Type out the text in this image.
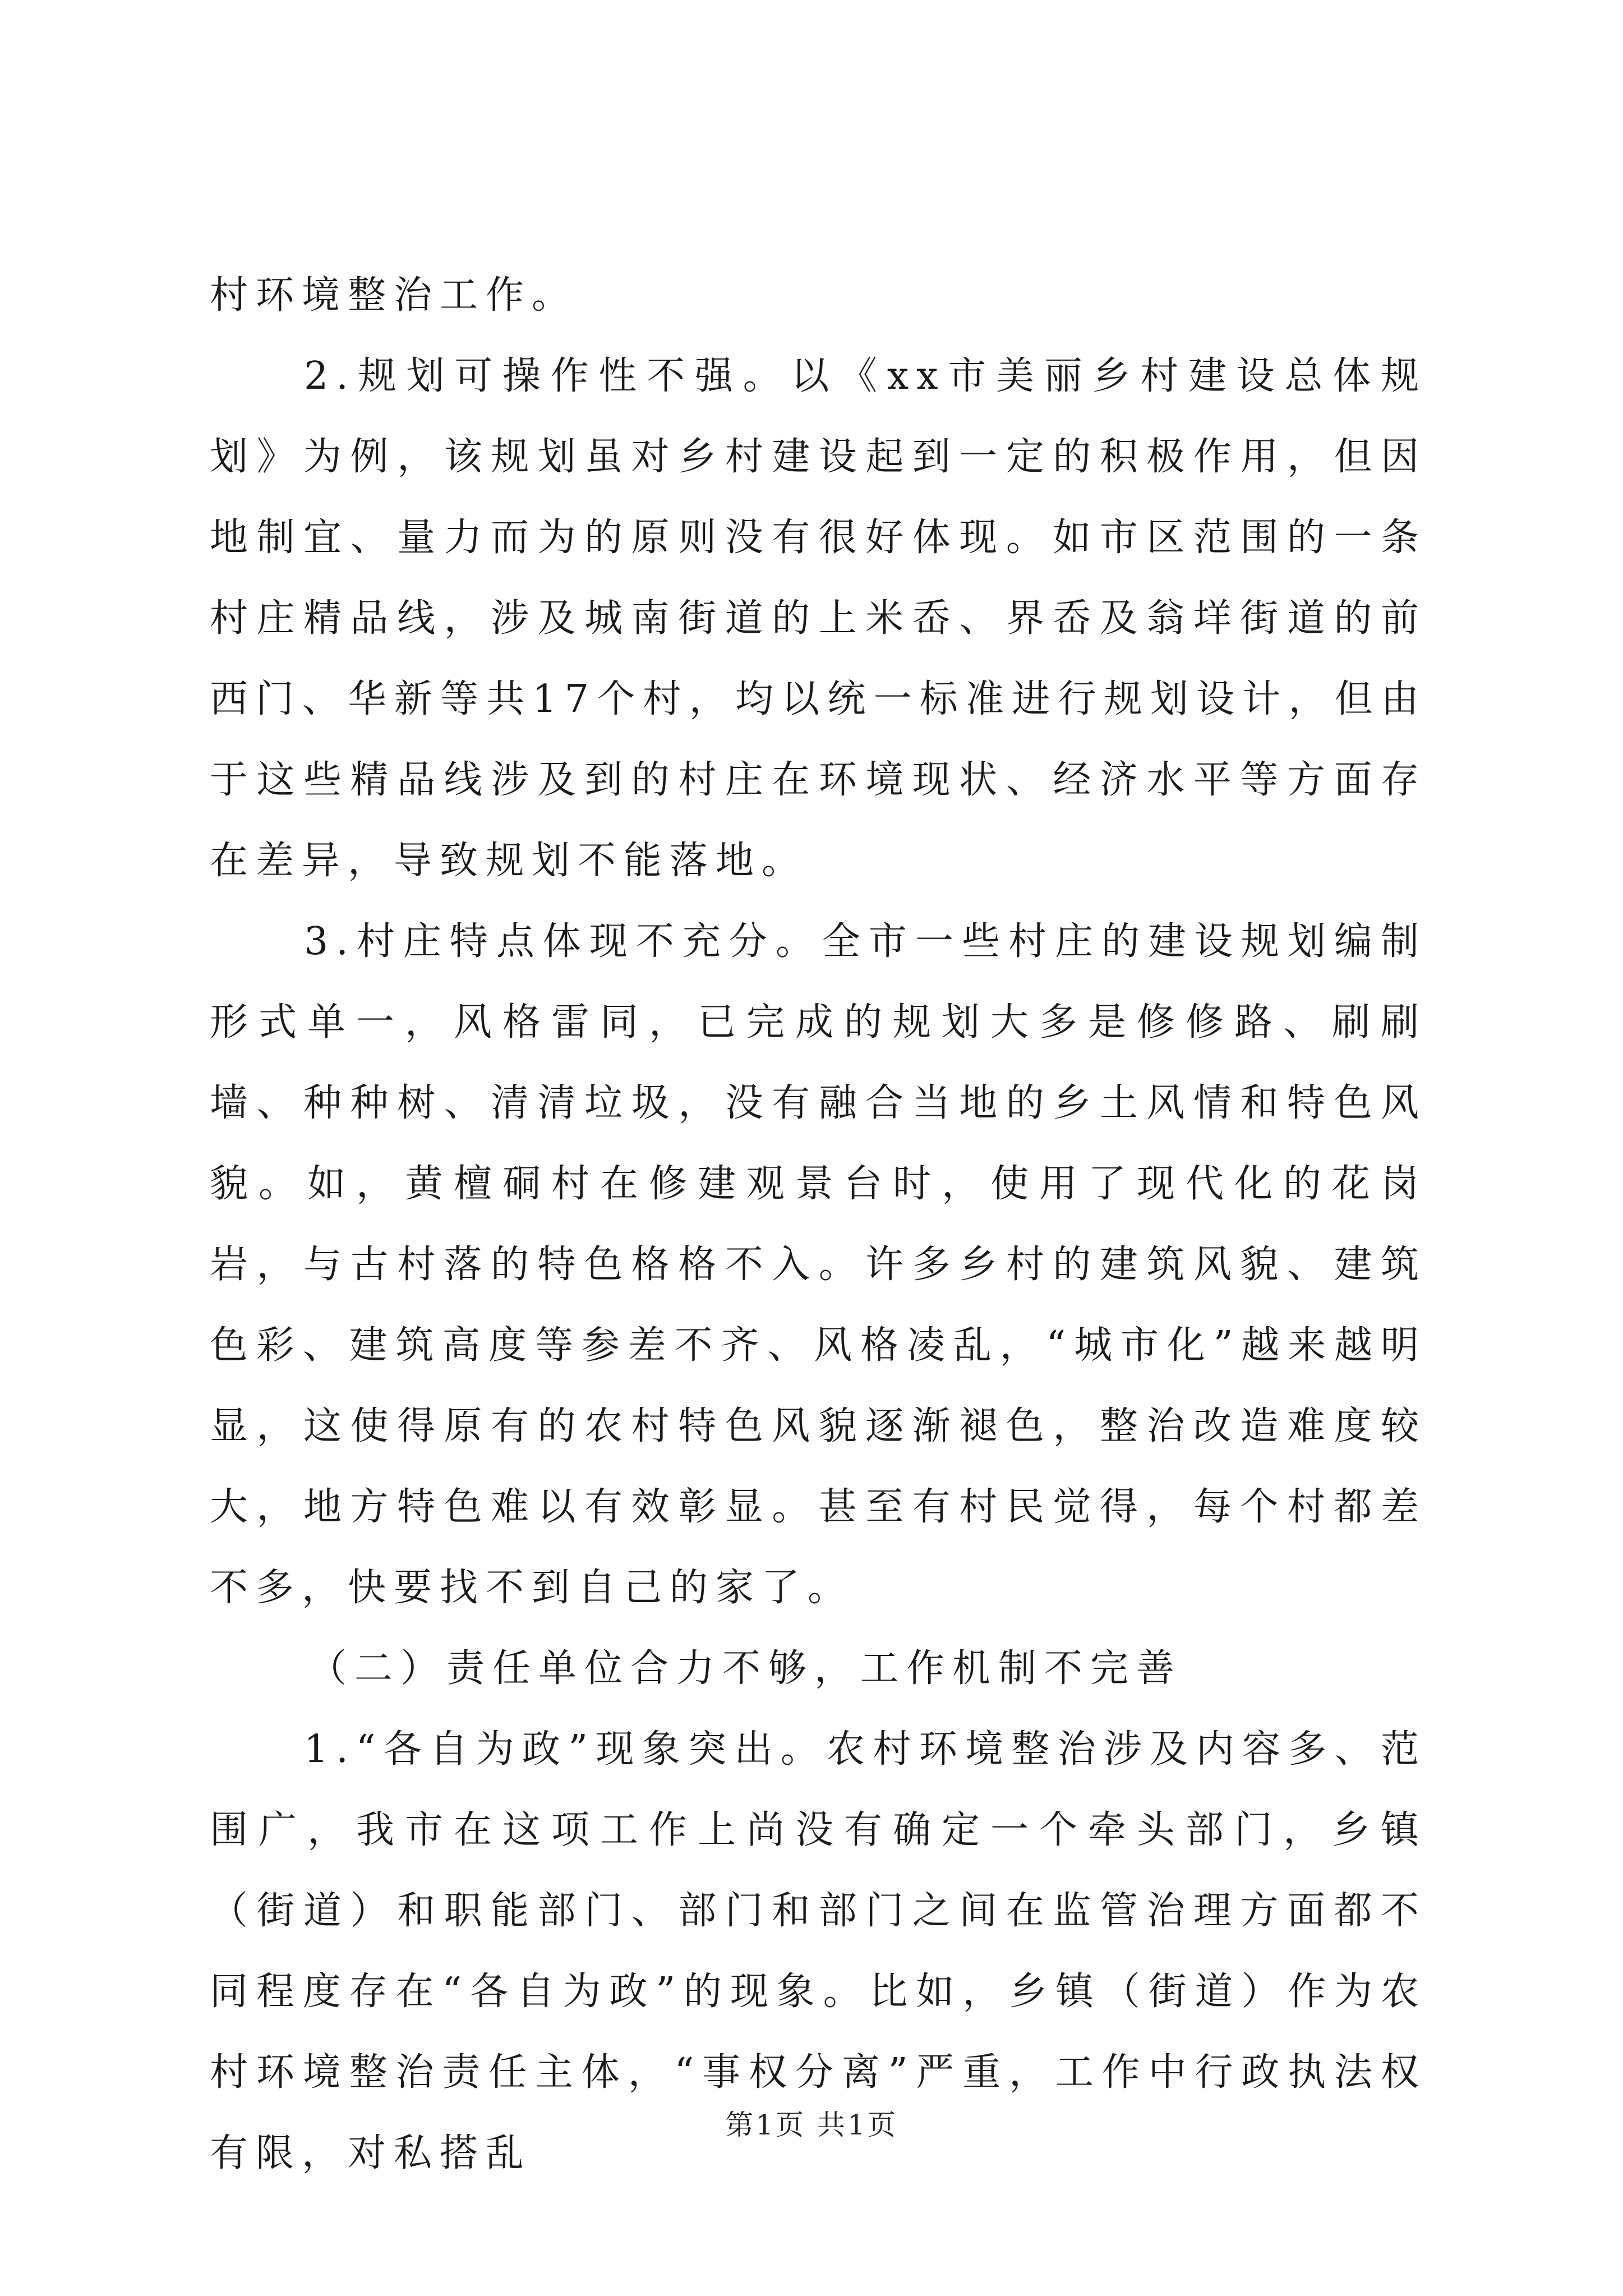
村环境整治工作。

2.规划可操作性不强。以《xx市美丽乡村建设总体规划》为例，该规划虽对乡村建设起到一定的积极作用，但因地制宜、量力而为的原则没有很好体现。如市区范围的一条村庄精品线，涉及城南街道的上米岙、界岙及翁垟街道的前西门、华新等共17个村，均以统一标准进行规划设计，但由于这些精品线涉及到的村庄在环境现状、经济水平等方面存在差异，导致规划不能落地。

3.村庄特点体现不充分。全市一些村庄的建设规划编制形式单一，风格雷同，已完成的规划大多是修修路、刷刷墙、种种树、清清垃圾，没有融合当地的乡土风情和特色风貌。如，黄檀硐村在修建观景台时，使用了现代化的花岗岩，与古村落的特色格格不入。许多乡村的建筑风貌、建筑色彩、建筑高度等参差不齐、风格凌乱，“城市化”越来越明显，这使得原有的农村特色风貌逐渐褪色，整治改造难度较大，地方特色难以有效彰显。甚至有村民觉得，每个村都差不多，快要找不到自己的家了。

（二）责任单位合力不够，工作机制不完善

1.“各自为政”现象突出。农村环境整治涉及内容多、范围广，我市在这项工作上尚没有确定一个牵头部门，乡镇（街道）和职能部门、部门和部门之间在监管治理方面都不同程度存在“各自为政”的现象。比如，乡镇（街道）作为农村环境整治责任主体，“事权分离”严重，工作中行政执法权有限，对私搭乱

第1页 共1页
